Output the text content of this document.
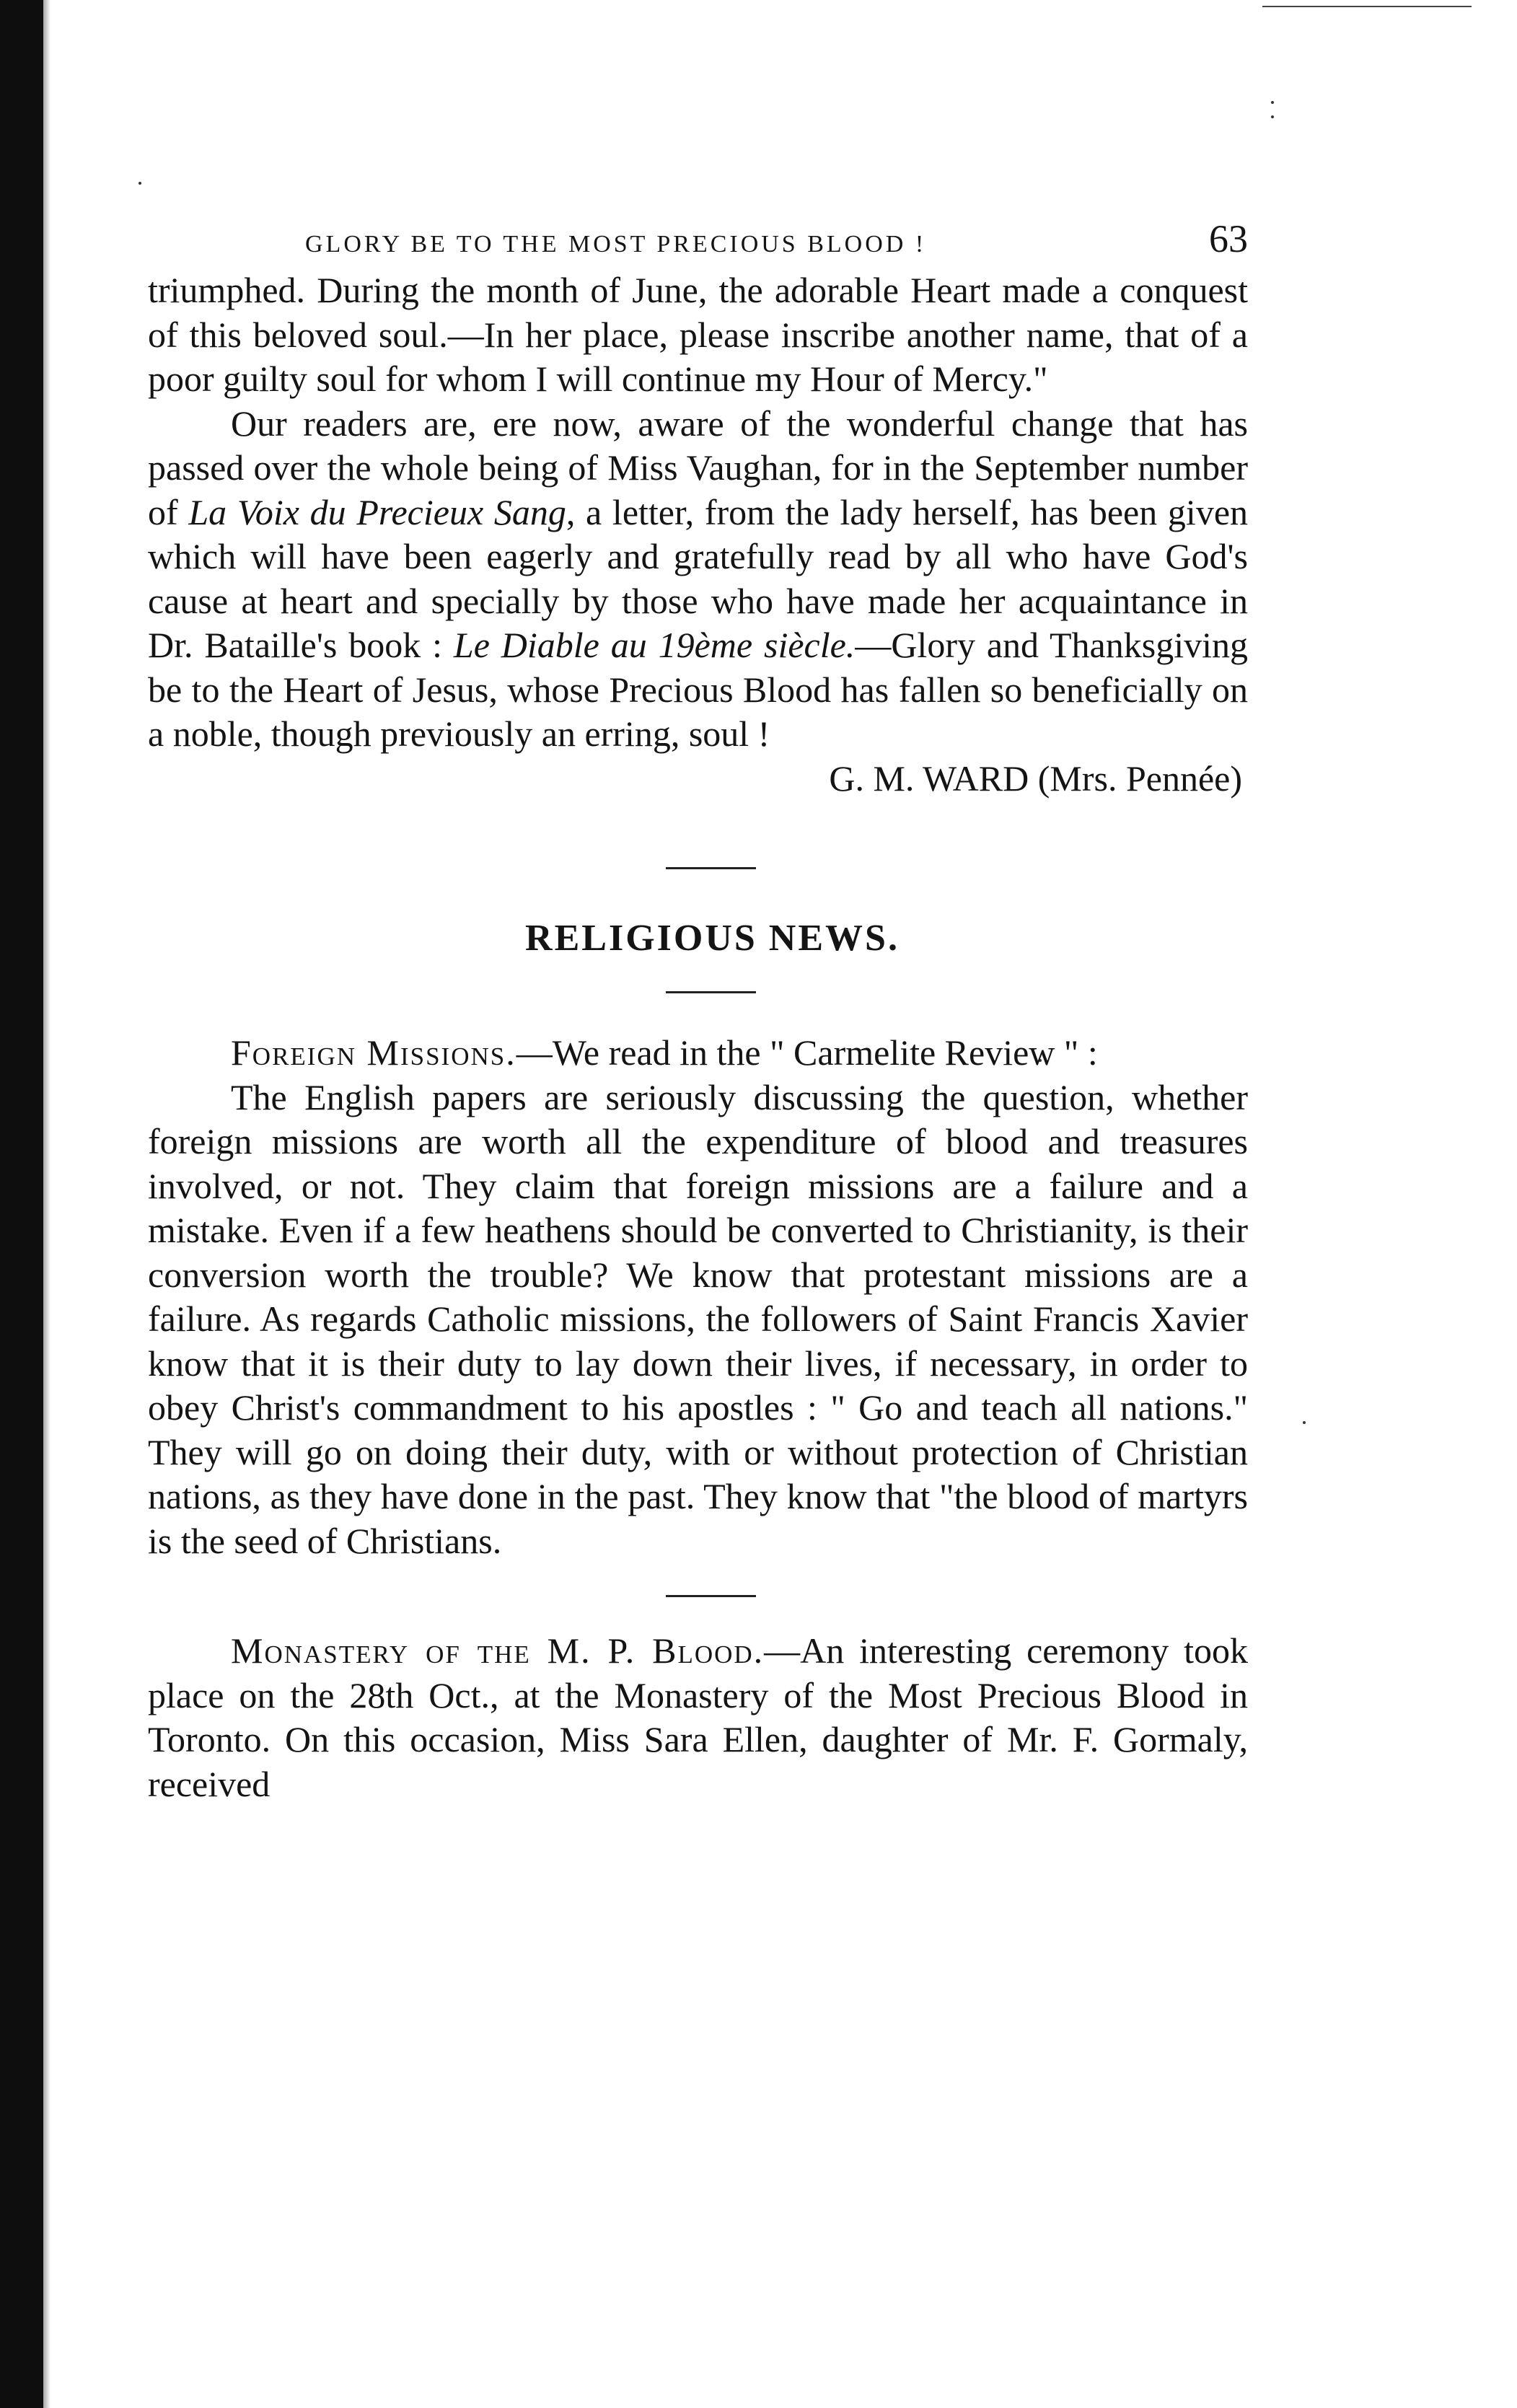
GLORY BE TO THE MOST PRECIOUS BLOOD !	63

triumphed. During the month of June, the adorable Heart made a conquest of this beloved soul.—In her place, please inscribe another name, that of a poor guilty soul for whom I will continue my Hour of Mercy."

Our readers are, ere now, aware of the wonderful change that has passed over the whole being of Miss Vaughan, for in the September number of La Voix du Precieux Sang, a letter, from the lady herself, has been given which will have been eagerly and gratefully read by all who have God's cause at heart and specially by those who have made her acquaintance in Dr. Bataille's book : Le Diable au 19ème siècle.—Glory and Thanksgiving be to the Heart of Jesus, whose Precious Blood has fallen so beneficially on a noble, though previously an erring, soul !

G. M. WARD (Mrs. Pennée)

RELIGIOUS NEWS.

Foreign Missions.—We read in the " Carmelite Review " :

The English papers are seriously discussing the question, whether foreign missions are worth all the expenditure of blood and treasures involved, or not. They claim that foreign missions are a failure and a mistake. Even if a few heathens should be converted to Christianity, is their conversion worth the trouble? We know that protestant missions are a failure. As regards Catholic missions, the followers of Saint Francis Xavier know that it is their duty to lay down their lives, if necessary, in order to obey Christ's commandment to his apostles : " Go and teach all nations." They will go on doing their duty, with or without protection of Christian nations, as they have done in the past. They know that "the blood of martyrs is the seed of Christians.

Monastery of the M. P. Blood.—An interesting ceremony took place on the 28th Oct., at the Monastery of the Most Precious Blood in Toronto. On this occasion, Miss Sara Ellen, daughter of Mr. F. Gormaly, received
